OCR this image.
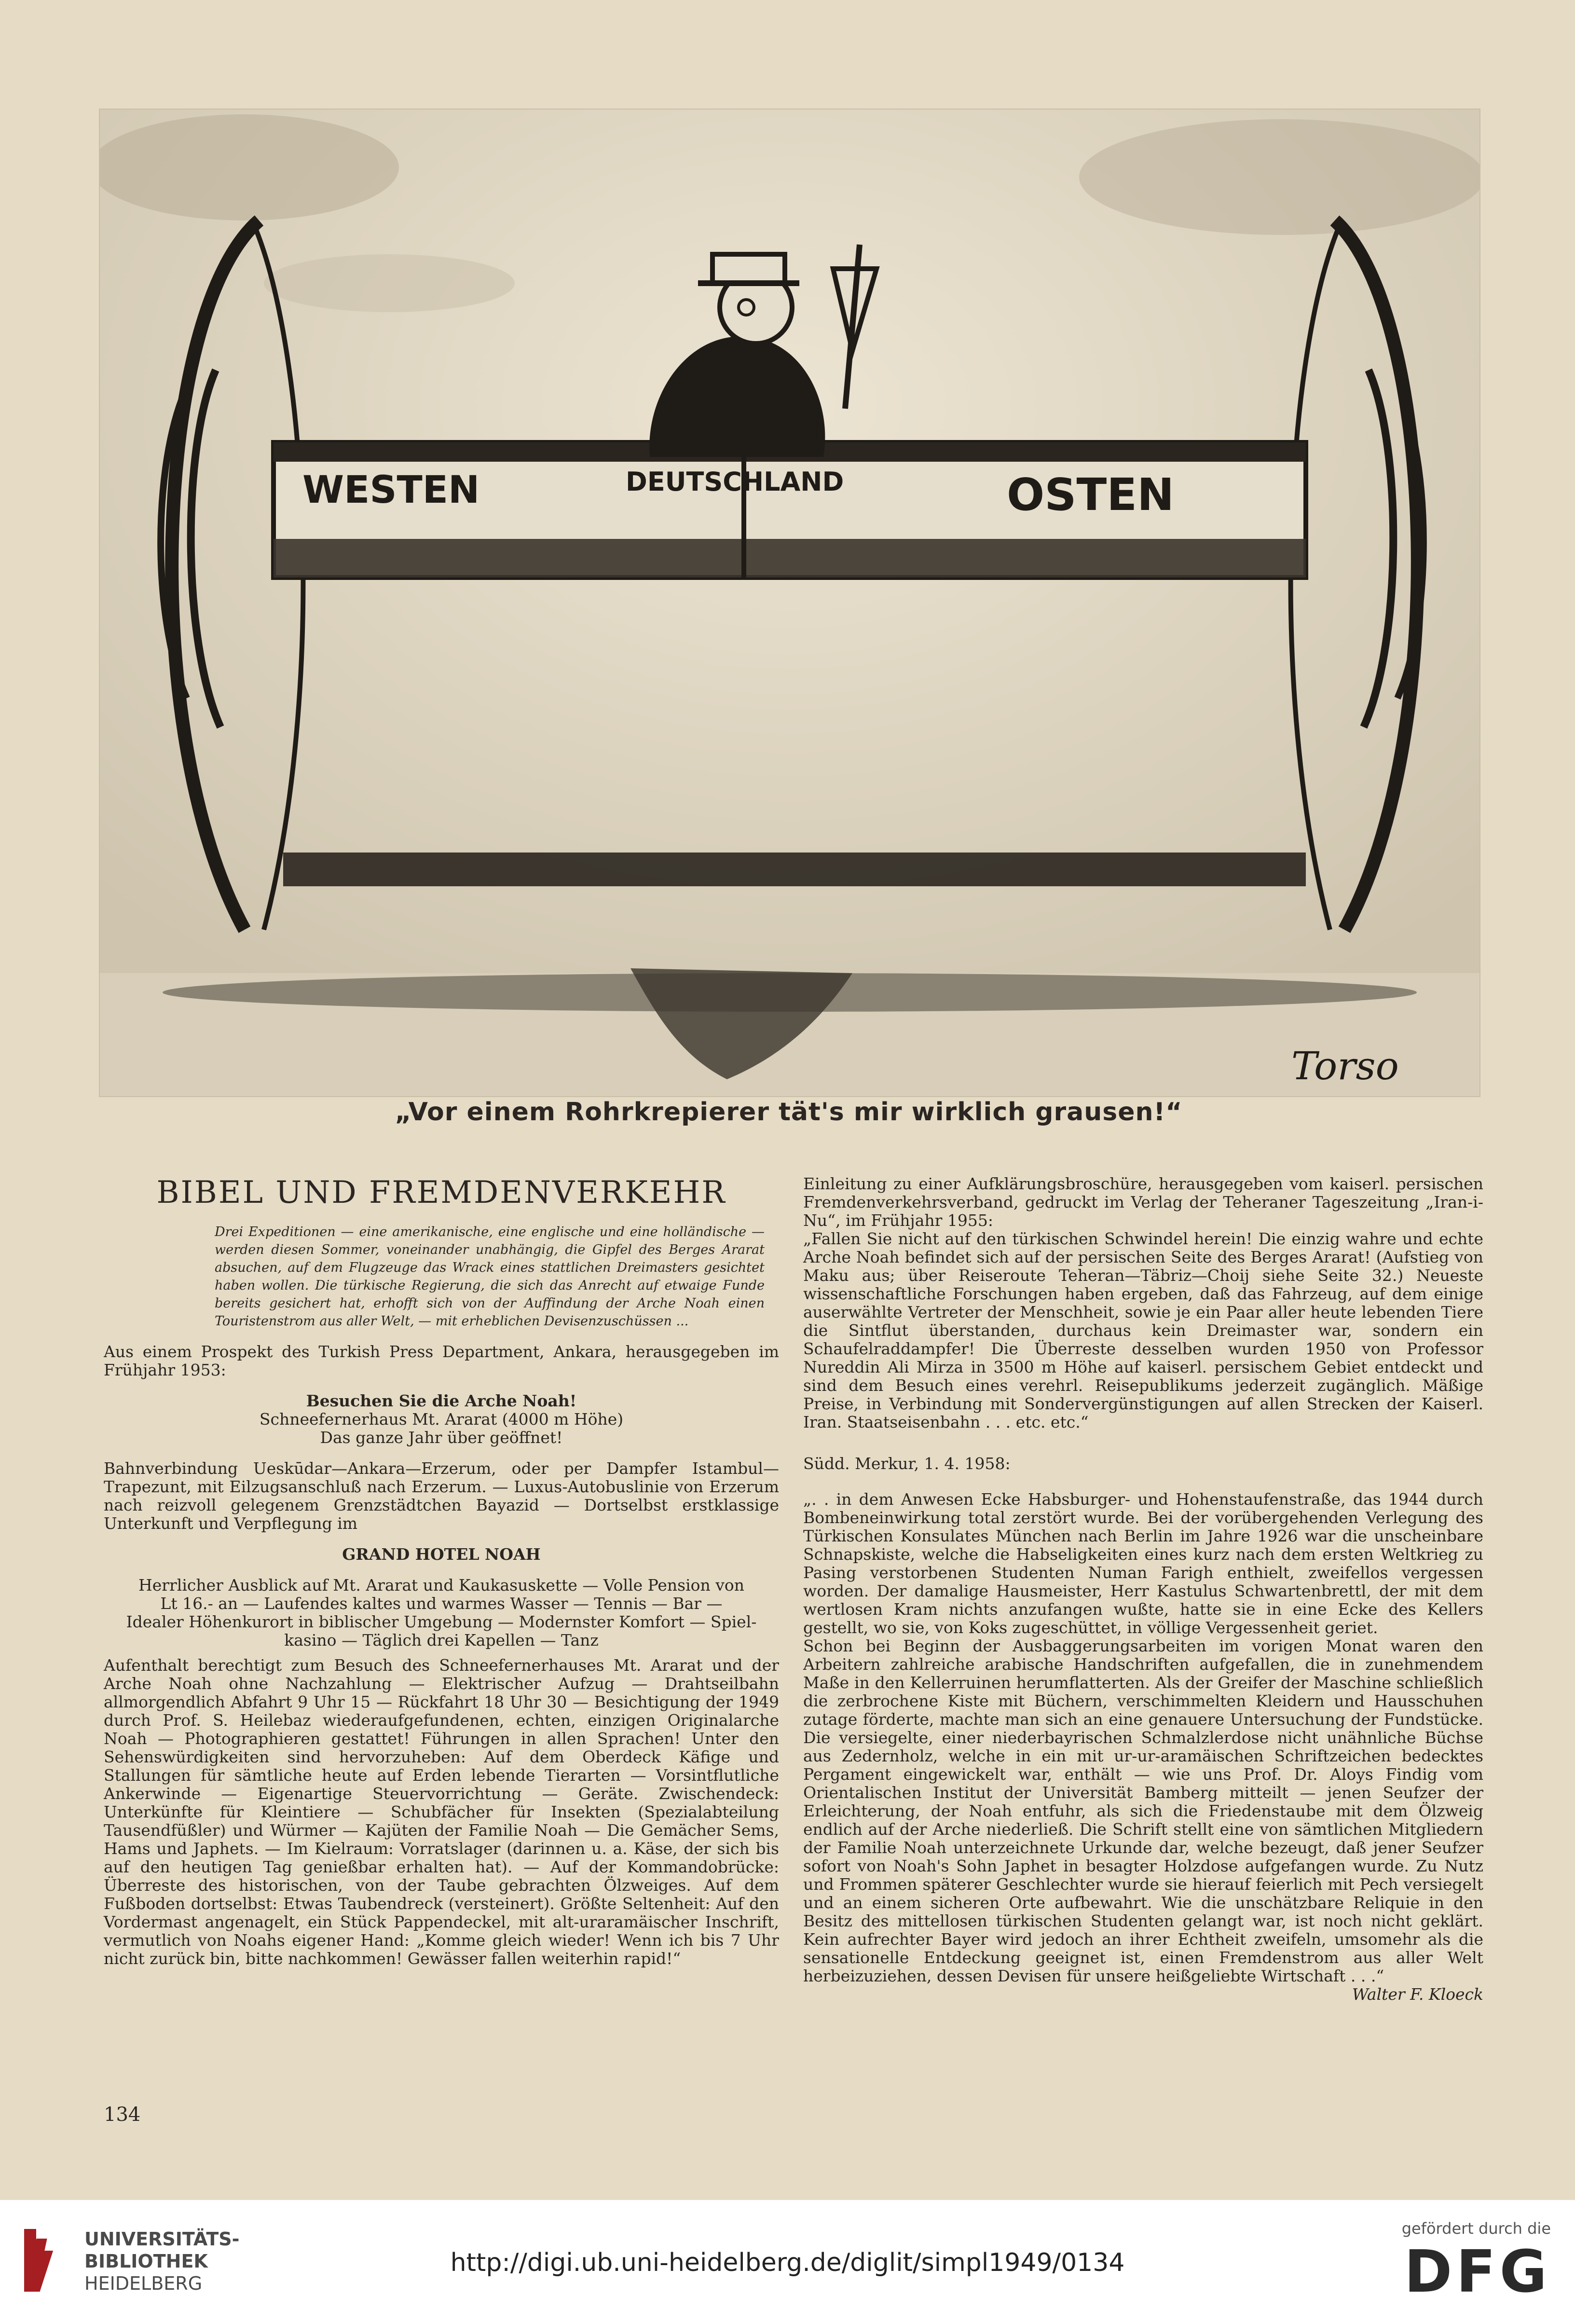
WESTEN	DEUTSCHLAND	OSTEN
Torso
„Vor einem Rohrkrepierer tät's mir wirklich grausen!“
BIBEL UND FREMDENVERKEHR
Drei Expeditionen — eine amerikanische, eine englische und eine holländische — werden diesen Sommer, voneinander unabhängig, die Gipfel des Berges Ararat absuchen, auf dem Flugzeuge das Wrack eines stattlichen Dreimasters gesichtet haben wollen. Die türkische Regierung, die sich das Anrecht auf etwaige Funde bereits gesichert hat, erhofft sich von der Auffindung der Arche Noah einen Touristenstrom aus aller Welt, — mit erheblichen Devisenzuschüssen ...

Aus einem Prospekt des Turkish Press Department, Ankara, herausgegeben im Frühjahr 1953:

Besuchen Sie die Arche Noah!

Schneefernerhaus Mt. Ararat (4000 m Höhe)

Das ganze Jahr über geöffnet!

Bahnverbindung Ueskūdar—Ankara—Erzerum, oder per Dampfer Istambul—Trapezunt, mit Eilzugsanschluß nach Erzerum. — Luxus-Autobuslinie von Erzerum nach reizvoll gelegenem Grenzstädtchen Bayazid — Dortselbst erstklassige Unterkunft und Verpflegung im

GRAND HOTEL NOAH

Herrlicher Ausblick auf Mt. Ararat und Kaukasuskette — Volle Pension von

Lt 16.- an — Laufendes kaltes und warmes Wasser — Tennis — Bar —

Idealer Höhenkurort in biblischer Umgebung — Modernster Komfort — Spiel-

kasino — Täglich drei Kapellen — Tanz

Aufenthalt berechtigt zum Besuch des Schneefernerhauses Mt. Ararat und der Arche Noah ohne Nachzahlung — Elektrischer Aufzug — Drahtseilbahn allmorgendlich Abfahrt 9 Uhr 15 — Rückfahrt 18 Uhr 30 — Besichtigung der 1949 durch Prof. S. Heilebaz wiederaufgefundenen, echten, einzigen Originalarche Noah — Photographieren gestattet! Führungen in allen Sprachen! Unter den Sehenswürdigkeiten sind hervorzuheben: Auf dem Oberdeck Käfige und Stallungen für sämtliche heute auf Erden lebende Tierarten — Vorsintflutliche Ankerwinde — Eigenartige Steuervorrichtung — Geräte. Zwischendeck: Unterkünfte für Kleintiere — Schubfächer für Insekten (Spezialabteilung Tausendfüßler) und Würmer — Kajüten der Familie Noah — Die Gemächer Sems, Hams und Japhets. — Im Kielraum: Vorratslager (darinnen u. a. Käse, der sich bis auf den heutigen Tag genießbar erhalten hat). — Auf der Kommandobrücke: Überreste des historischen, von der Taube gebrachten Ölzweiges. Auf dem Fußboden dortselbst: Etwas Taubendreck (versteinert). Größte Seltenheit: Auf den Vordermast angenagelt, ein Stück Pappendeckel, mit alt-uraramäischer Inschrift, vermutlich von Noahs eigener Hand: „Komme gleich wieder! Wenn ich bis 7 Uhr nicht zurück bin, bitte nachkommen! Gewässer fallen weiterhin rapid!“

Einleitung zu einer Aufklärungsbroschüre, herausgegeben vom kaiserl. persischen Fremdenverkehrsverband, gedruckt im Verlag der Teheraner Tageszeitung „Iran-i-Nu“, im Frühjahr 1955:

„Fallen Sie nicht auf den türkischen Schwindel herein! Die einzig wahre und echte Arche Noah befindet sich auf der persischen Seite des Berges Ararat! (Aufstieg von Maku aus; über Reiseroute Teheran—Täbriz—Choij siehe Seite 32.) Neueste wissenschaftliche Forschungen haben ergeben, daß das Fahrzeug, auf dem einige auserwählte Vertreter der Menschheit, sowie je ein Paar aller heute lebenden Tiere die Sintflut überstanden, durchaus kein Dreimaster war, sondern ein Schaufelraddampfer! Die Überreste desselben wurden 1950 von Professor Nureddin Ali Mirza in 3500 m Höhe auf kaiserl. persischem Gebiet entdeckt und sind dem Besuch eines verehrl. Reisepublikums jederzeit zugänglich. Mäßige Preise, in Verbindung mit Sondervergünstigungen auf allen Strecken der Kaiserl. Iran. Staatseisenbahn . . . etc. etc.“

Südd. Merkur, 1. 4. 1958:

„. . in dem Anwesen Ecke Habsburger- und Hohenstaufenstraße, das 1944 durch Bombeneinwirkung total zerstört wurde. Bei der vorübergehenden Verlegung des Türkischen Konsulates München nach Berlin im Jahre 1926 war die unscheinbare Schnapskiste, welche die Habseligkeiten eines kurz nach dem ersten Weltkrieg zu Pasing verstorbenen Studenten Numan Farigh enthielt, zweifellos vergessen worden. Der damalige Hausmeister, Herr Kastulus Schwartenbrettl, der mit dem wertlosen Kram nichts anzufangen wußte, hatte sie in eine Ecke des Kellers gestellt, wo sie, von Koks zugeschüttet, in völlige Vergessenheit geriet.

Schon bei Beginn der Ausbaggerungsarbeiten im vorigen Monat waren den Arbeitern zahlreiche arabische Handschriften aufgefallen, die in zunehmendem Maße in den Kellerruinen herumflatterten. Als der Greifer der Maschine schließlich die zerbrochene Kiste mit Büchern, verschimmelten Kleidern und Hausschuhen zutage förderte, machte man sich an eine genauere Untersuchung der Fundstücke. Die versiegelte, einer niederbayrischen Schmalzlerdose nicht unähnliche Büchse aus Zedernholz, welche in ein mit ur-ur-aramäischen Schriftzeichen bedecktes Pergament eingewickelt war, enthält — wie uns Prof. Dr. Aloys Findig vom Orientalischen Institut der Universität Bamberg mitteilt — jenen Seufzer der Erleichterung, der Noah entfuhr, als sich die Friedenstaube mit dem Ölzweig endlich auf der Arche niederließ. Die Schrift stellt eine von sämtlichen Mitgliedern der Familie Noah unterzeichnete Urkunde dar, welche bezeugt, daß jener Seufzer sofort von Noah's Sohn Japhet in besagter Holzdose aufgefangen wurde. Zu Nutz und Frommen späterer Geschlechter wurde sie hierauf feierlich mit Pech versiegelt und an einem sicheren Orte aufbewahrt. Wie die unschätzbare Reliquie in den Besitz des mittellosen türkischen Studenten gelangt war, ist noch nicht geklärt. Kein aufrechter Bayer wird jedoch an ihrer Echtheit zweifeln, umsomehr als die sensationelle Entdeckung geeignet ist, einen Fremdenstrom aus aller Welt herbeizuziehen, dessen Devisen für unsere heißgeliebte Wirtschaft . . .“

Walter F. Kloeck

134
UNIVERSITÄTS-
BIBLIOTHEK
HEIDELBERG
http://digi.ub.uni-heidelberg.de/diglit/simpl1949/0134
gefördert durch die
DFG
